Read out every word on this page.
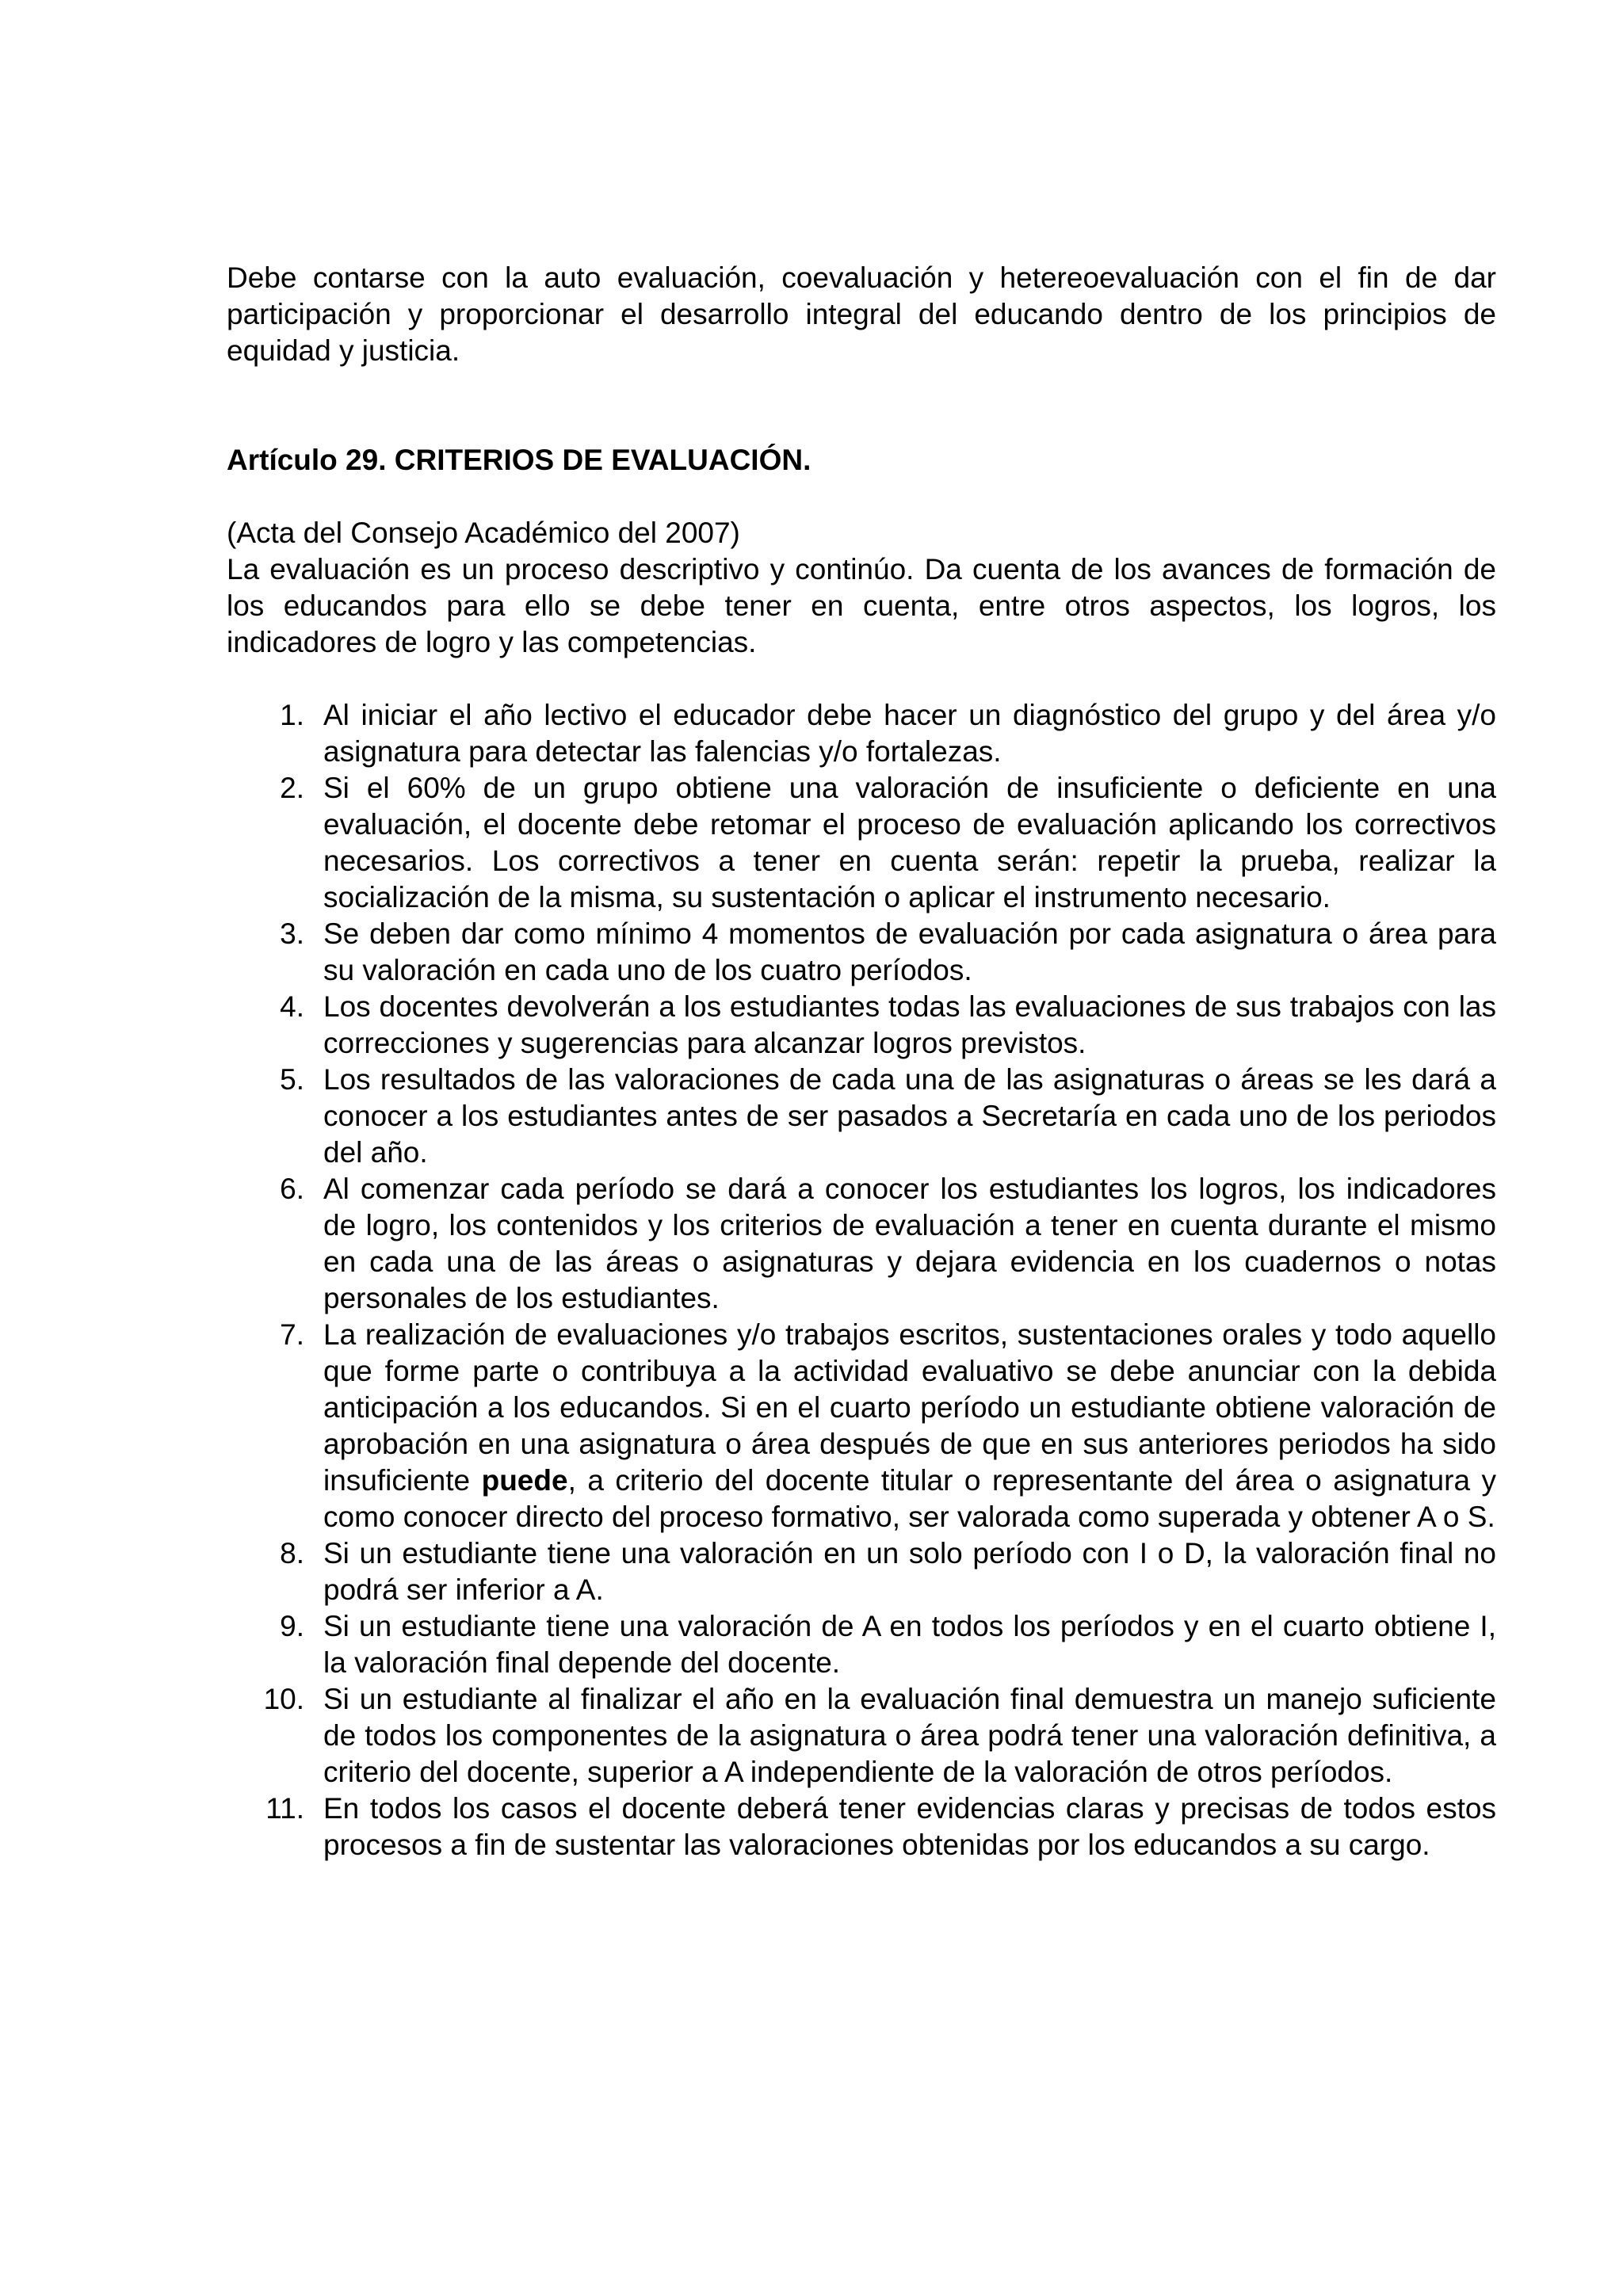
Debe contarse con la auto evaluación, coevaluación y hetereoevaluación con el fin de dar participación y proporcionar el desarrollo integral del educando dentro de los principios de equidad y justicia.

Artículo 29. CRITERIOS DE EVALUACIÓN.

(Acta del Consejo Académico del 2007)

La evaluación es un proceso descriptivo y continúo. Da cuenta de los avances de formación de los educandos para ello se debe tener en cuenta, entre otros aspectos, los logros, los indicadores de logro y las competencias.

1. Al iniciar el año lectivo el educador debe hacer un diagnóstico del grupo y del área y/o asignatura para detectar las falencias y/o fortalezas.
2. Si el 60% de un grupo obtiene una valoración de insuficiente o deficiente en una evaluación, el docente debe retomar el proceso de evaluación aplicando los correctivos necesarios. Los correctivos a tener en cuenta serán: repetir la prueba, realizar la socialización de la misma, su sustentación o aplicar el instrumento necesario.
3. Se deben dar como mínimo 4 momentos de evaluación por cada asignatura o área para su valoración en cada uno de los cuatro períodos.
4. Los docentes devolverán a los estudiantes todas las evaluaciones de sus trabajos con las correcciones y sugerencias para alcanzar logros previstos.
5. Los resultados de las valoraciones de cada una de las asignaturas o áreas se les dará a conocer a los estudiantes antes de ser pasados a Secretaría en cada uno de los periodos del año.
6. Al comenzar cada período se dará a conocer los estudiantes los logros, los indicadores de logro, los contenidos y los criterios de evaluación a tener en cuenta durante el mismo en cada una de las áreas o asignaturas y dejara evidencia en los cuadernos o notas personales de los estudiantes.
7. La realización de evaluaciones y/o trabajos escritos, sustentaciones orales y todo aquello que forme parte o contribuya a la actividad evaluativo se debe anunciar con la debida anticipación a los educandos. Si en el cuarto período un estudiante obtiene valoración de aprobación en una asignatura o área después de que en sus anteriores periodos ha sido insuficiente puede, a criterio del docente titular o representante del área o asignatura y como conocer directo del proceso formativo, ser valorada como superada y obtener A o S.
8. Si un estudiante tiene una valoración en un solo período con I o D, la valoración final no podrá ser inferior a A.
9. Si un estudiante tiene una valoración de A en todos los períodos y en el cuarto obtiene I, la valoración final depende del docente.
10. Si un estudiante al finalizar el año en la evaluación final demuestra un manejo suficiente de todos los componentes de la asignatura o área podrá tener una valoración definitiva, a criterio del docente, superior a A independiente de la valoración de otros períodos.
11. En todos los casos el docente deberá tener evidencias claras y precisas de todos estos procesos a fin de sustentar las valoraciones obtenidas por los educandos a su cargo.
